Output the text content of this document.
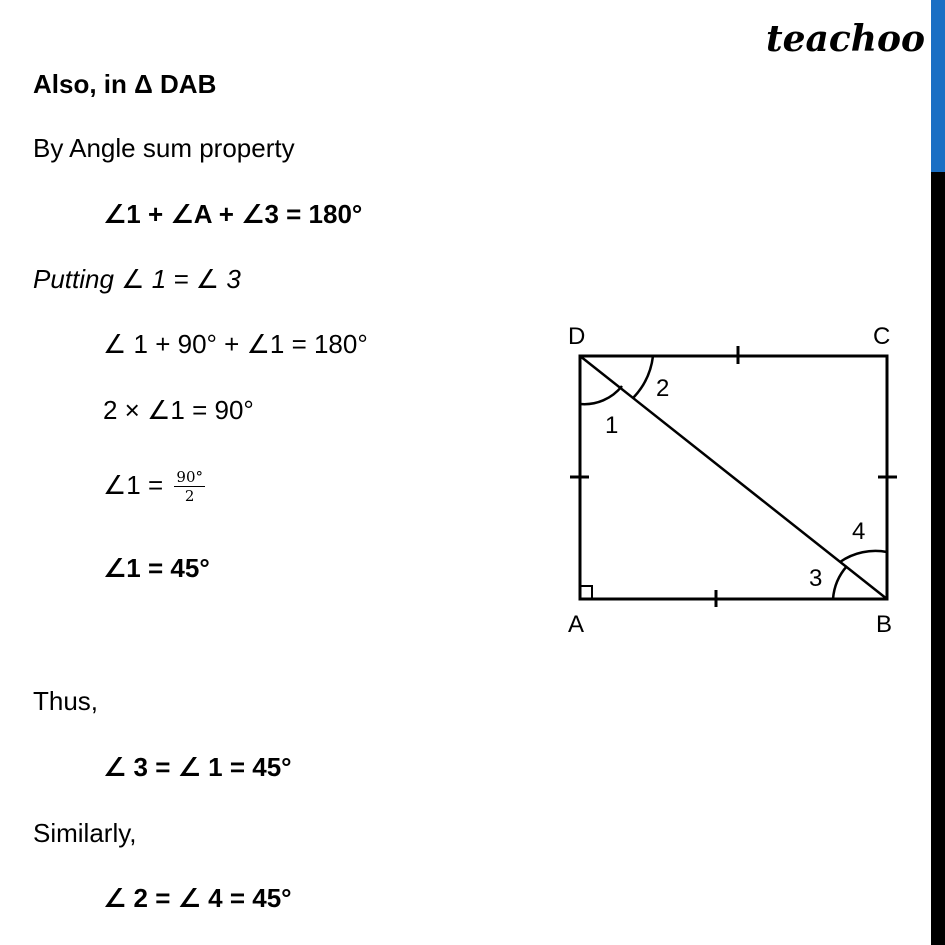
teachoo
Also, in Δ DAB
By Angle sum property
∠1 + ∠A + ∠3 = 180°
Putting ∠ 1 = ∠ 3
∠ 1 + 90° + ∠1 = 180°
2 × ∠1 = 90°
∠1 = $\frac{90^\circ}{2}$
∠1 = 45°
Thus,
∠ 3 = ∠ 1 = 45°
Similarly,
∠ 2 = ∠ 4 = 45°
D	C
A	B
1
2
3
4
